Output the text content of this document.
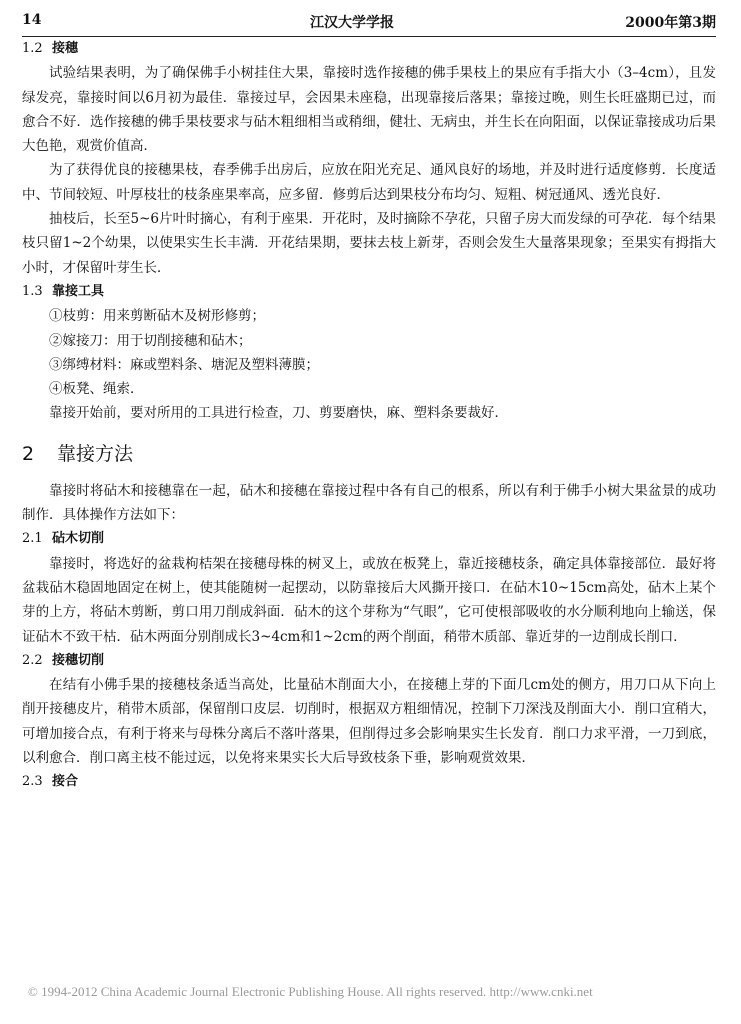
14	江汉大学学报	2000年第3期
1.2 接穗

试验结果表明，为了确保佛手小树挂住大果，靠接时选作接穗的佛手果枝上的果应有手指大小（3–4cm），且发绿发亮，靠接时间以6月初为最佳．靠接过早，会因果未座稳，出现靠接后落果；靠接过晚，则生长旺盛期已过，而愈合不好．选作接穗的佛手果枝要求与砧木粗细相当或稍细，健壮、无病虫，并生长在向阳面，以保证靠接成功后果大色艳，观赏价值高．

为了获得优良的接穗果枝，春季佛手出房后，应放在阳光充足、通风良好的场地，并及时进行适度修剪．长度适中、节间较短、叶厚枝壮的枝条座果率高，应多留．修剪后达到果枝分布均匀、短粗、树冠通风、透光良好．

抽枝后，长至5~6片叶时摘心，有利于座果．开花时，及时摘除不孕花，只留子房大而发绿的可孕花．每个结果枝只留1~2个幼果，以使果实生长丰满．开花结果期，要抹去枝上新芽，否则会发生大量落果现象；至果实有拇指大小时，才保留叶芽生长．

1.3 靠接工具

①枝剪：用来剪断砧木及树形修剪；

②嫁接刀：用于切削接穗和砧木；

③绑缚材料：麻或塑料条、塘泥及塑料薄膜；

④板凳、绳索．

靠接开始前，要对所用的工具进行检查，刀、剪要磨快，麻、塑料条要裁好．

2 靠接方法

靠接时将砧木和接穗靠在一起，砧木和接穗在靠接过程中各有自己的根系，所以有利于佛手小树大果盆景的成功制作．具体操作方法如下：

2.1 砧木切削

靠接时，将选好的盆栽枸桔架在接穗母株的树叉上，或放在板凳上，靠近接穗枝条，确定具体靠接部位．最好将盆栽砧木稳固地固定在树上，使其能随树一起摆动，以防靠接后大风撕开接口．在砧木10~15cm高处，砧木上某个芽的上方，将砧木剪断，剪口用刀削成斜面．砧木的这个芽称为“气眼”，它可使根部吸收的水分顺利地向上输送，保证砧木不致干枯．砧木两面分别削成长3~4cm和1~2cm的两个削面，稍带木质部、靠近芽的一边削成长削口．

2.2 接穗切削

在结有小佛手果的接穗枝条适当高处，比量砧木削面大小，在接穗上芽的下面几cm处的侧方，用刀口从下向上削开接穗皮片，稍带木质部，保留削口皮层．切削时，根据双方粗细情况，控制下刀深浅及削面大小．削口宜稍大，可增加接合点，有利于将来与母株分离后不落叶落果，但削得过多会影响果实生长发育．削口力求平滑，一刀到底，以利愈合．削口离主枝不能过远，以免将来果实长大后导致枝条下垂，影响观赏效果．

2.3 接合
© 1994-2012 China Academic Journal Electronic Publishing House. All rights reserved. http://www.cnki.net
